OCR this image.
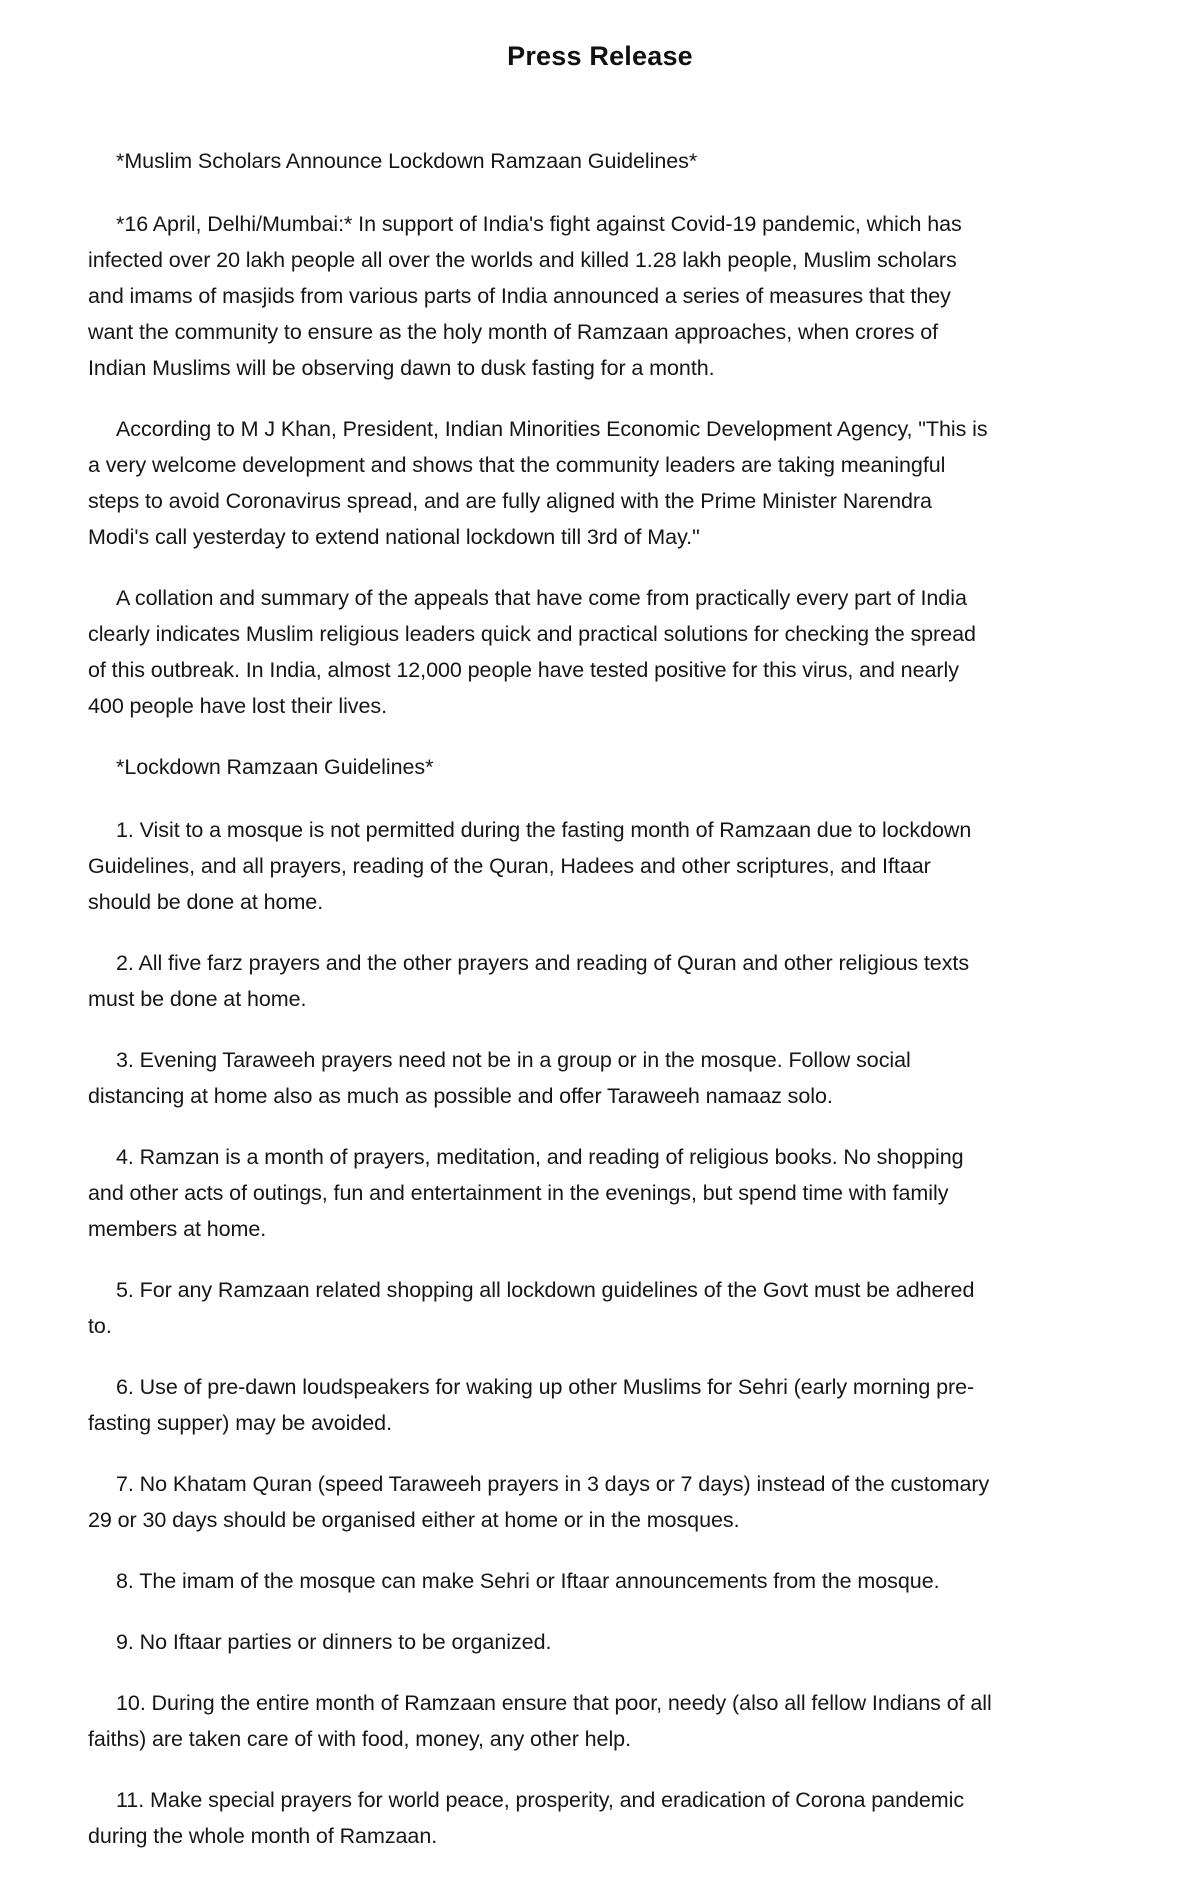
Press Release

*Muslim Scholars Announce Lockdown Ramzaan Guidelines*

*16 April, Delhi/Mumbai:* In support of India's fight against Covid-19 pandemic, which has infected over 20 lakh people all over the worlds and killed 1.28 lakh people, Muslim scholars and imams of masjids from various parts of India announced a series of measures that they want the community to ensure as the holy month of Ramzaan approaches, when crores of Indian Muslims will be observing dawn to dusk fasting for a month.

According to M J Khan, President, Indian Minorities Economic Development Agency, "This is a very welcome development and shows that the community leaders are taking meaningful steps to avoid Coronavirus spread, and are fully aligned with the Prime Minister Narendra Modi's call yesterday to extend national lockdown till 3rd of May."

A collation and summary of the appeals that have come from practically every part of India clearly indicates Muslim religious leaders quick and practical solutions for checking the spread of this outbreak. In India, almost 12,000 people have tested positive for this virus, and nearly 400 people have lost their lives.

*Lockdown Ramzaan Guidelines*

1. Visit to a mosque is not permitted during the fasting month of Ramzaan due to lockdown Guidelines, and all prayers, reading of the Quran, Hadees and other scriptures, and Iftaar should be done at home.

2. All five farz prayers and the other prayers and reading of Quran and other religious texts must be done at home.

3. Evening Taraweeh prayers need not be in a group or in the mosque. Follow social distancing at home also as much as possible and offer Taraweeh namaaz solo.

4. Ramzan is a month of prayers, meditation, and reading of religious books. No shopping and other acts of outings, fun and entertainment in the evenings, but spend time with family members at home.

5. For any Ramzaan related shopping all lockdown guidelines of the Govt must be adhered to.

6. Use of pre-dawn loudspeakers for waking up other Muslims for Sehri (early morning pre-fasting supper) may be avoided.

7. No Khatam Quran (speed Taraweeh prayers in 3 days or 7 days) instead of the customary 29 or 30 days should be organised either at home or in the mosques.

8. The imam of the mosque can make Sehri or Iftaar announcements from the mosque.

9. No Iftaar parties or dinners to be organized.

10. During the entire month of Ramzaan ensure that poor, needy (also all fellow Indians of all faiths) are taken care of with food, money, any other help.

11. Make special prayers for world peace, prosperity, and eradication of Corona pandemic during the whole month of Ramzaan.
